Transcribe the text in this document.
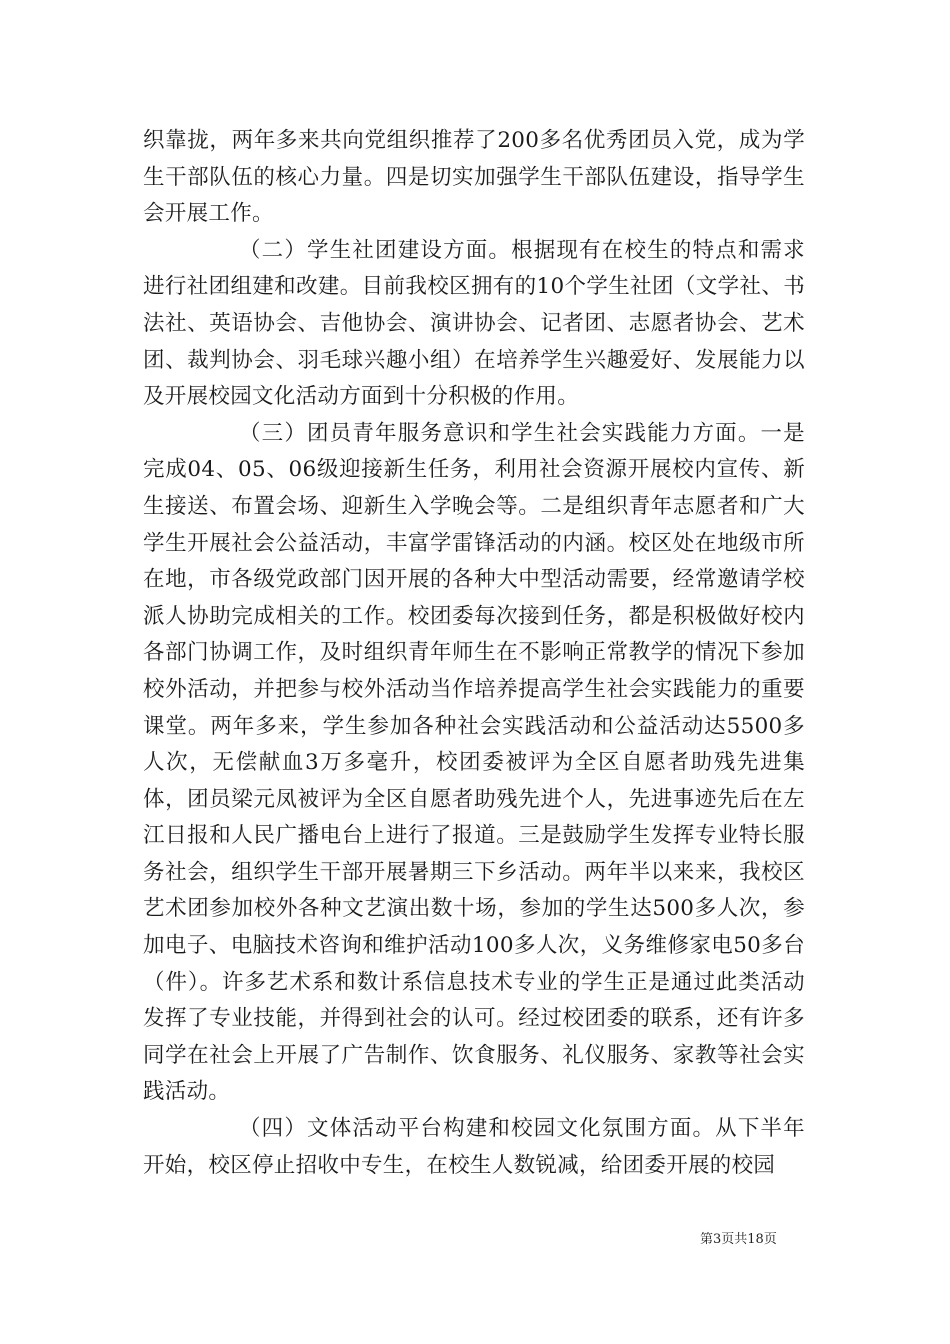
织靠拢，两年多来共向党组织推荐了200多名优秀团员入党，成为学生干部队伍的核心力量。四是切实加强学生干部队伍建设，指导学生会开展工作。

（二）学生社团建设方面。根据现有在校生的特点和需求进行社团组建和改建。目前我校区拥有的10个学生社团（文学社、书法社、英语协会、吉他协会、演讲协会、记者团、志愿者协会、艺术团、裁判协会、羽毛球兴趣小组）在培养学生兴趣爱好、发展能力以及开展校园文化活动方面到十分积极的作用。

（三）团员青年服务意识和学生社会实践能力方面。一是完成04、05、06级迎接新生任务，利用社会资源开展校内宣传、新生接送、布置会场、迎新生入学晚会等。二是组织青年志愿者和广大学生开展社会公益活动，丰富学雷锋活动的内涵。校区处在地级市所在地，市各级党政部门因开展的各种大中型活动需要，经常邀请学校派人协助完成相关的工作。校团委每次接到任务，都是积极做好校内各部门协调工作，及时组织青年师生在不影响正常教学的情况下参加校外活动，并把参与校外活动当作培养提高学生社会实践能力的重要课堂。两年多来，学生参加各种社会实践活动和公益活动达5500多人次，无偿献血3万多毫升，校团委被评为全区自愿者助残先进集体，团员梁元凤被评为全区自愿者助残先进个人，先进事迹先后在左江日报和人民广播电台上进行了报道。三是鼓励学生发挥专业特长服务社会，组织学生干部开展暑期三下乡活动。两年半以来来，我校区艺术团参加校外各种文艺演出数十场，参加的学生达500多人次，参加电子、电脑技术咨询和维护活动100多人次，义务维修家电50多台（件）。许多艺术系和数计系信息技术专业的学生正是通过此类活动发挥了专业技能，并得到社会的认可。经过校团委的联系，还有许多同学在社会上开展了广告制作、饮食服务、礼仪服务、家教等社会实践活动。

（四）文体活动平台构建和校园文化氛围方面。从下半年开始，校区停止招收中专生，在校生人数锐减，给团委开展的校园

第3页共18页
